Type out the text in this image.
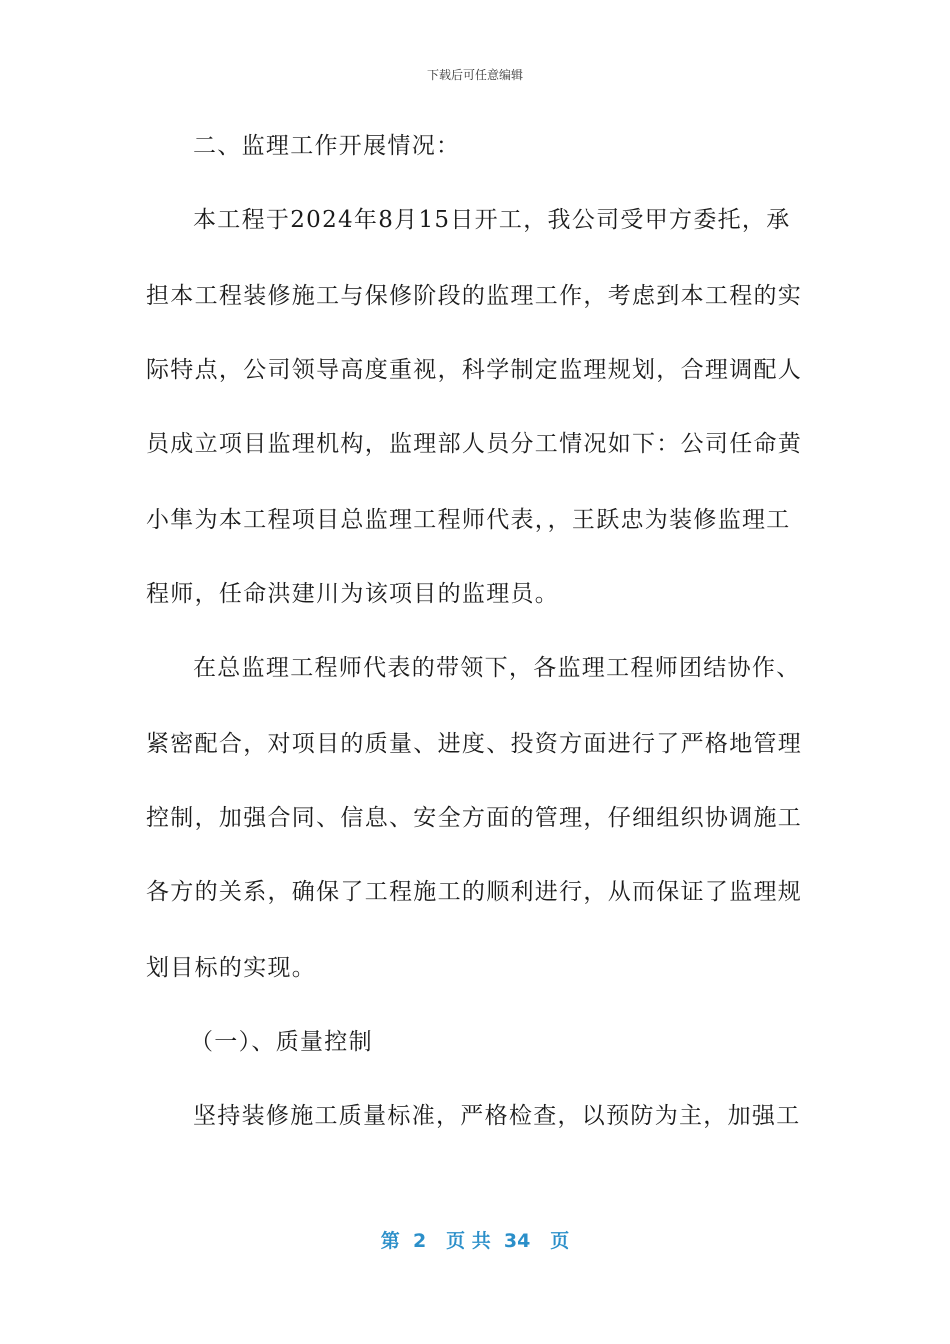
下载后可任意编辑
二、监理工作开展情况：
本工程于2024年8月15日开工，我公司受甲方委托，承
担本工程装修施工与保修阶段的监理工作，考虑到本工程的实
际特点，公司领导高度重视，科学制定监理规划，合理调配人
员成立项目监理机构，监理部人员分工情况如下：公司任命黄
小隼为本工程项目总监理工程师代表，，王跃忠为装修监理工
程师，任命洪建川为该项目的监理员。
在总监理工程师代表的带领下，各监理工程师团结协作、
紧密配合，对项目的质量、进度、投资方面进行了严格地管理
控制，加强合同、信息、安全方面的管理，仔细组织协调施工
各方的关系，确保了工程施工的顺利进行，从而保证了监理规
划目标的实现。
（一）、质量控制
坚持装修施工质量标准，严格检查，以预防为主，加强工
第  2   页 共  34   页
